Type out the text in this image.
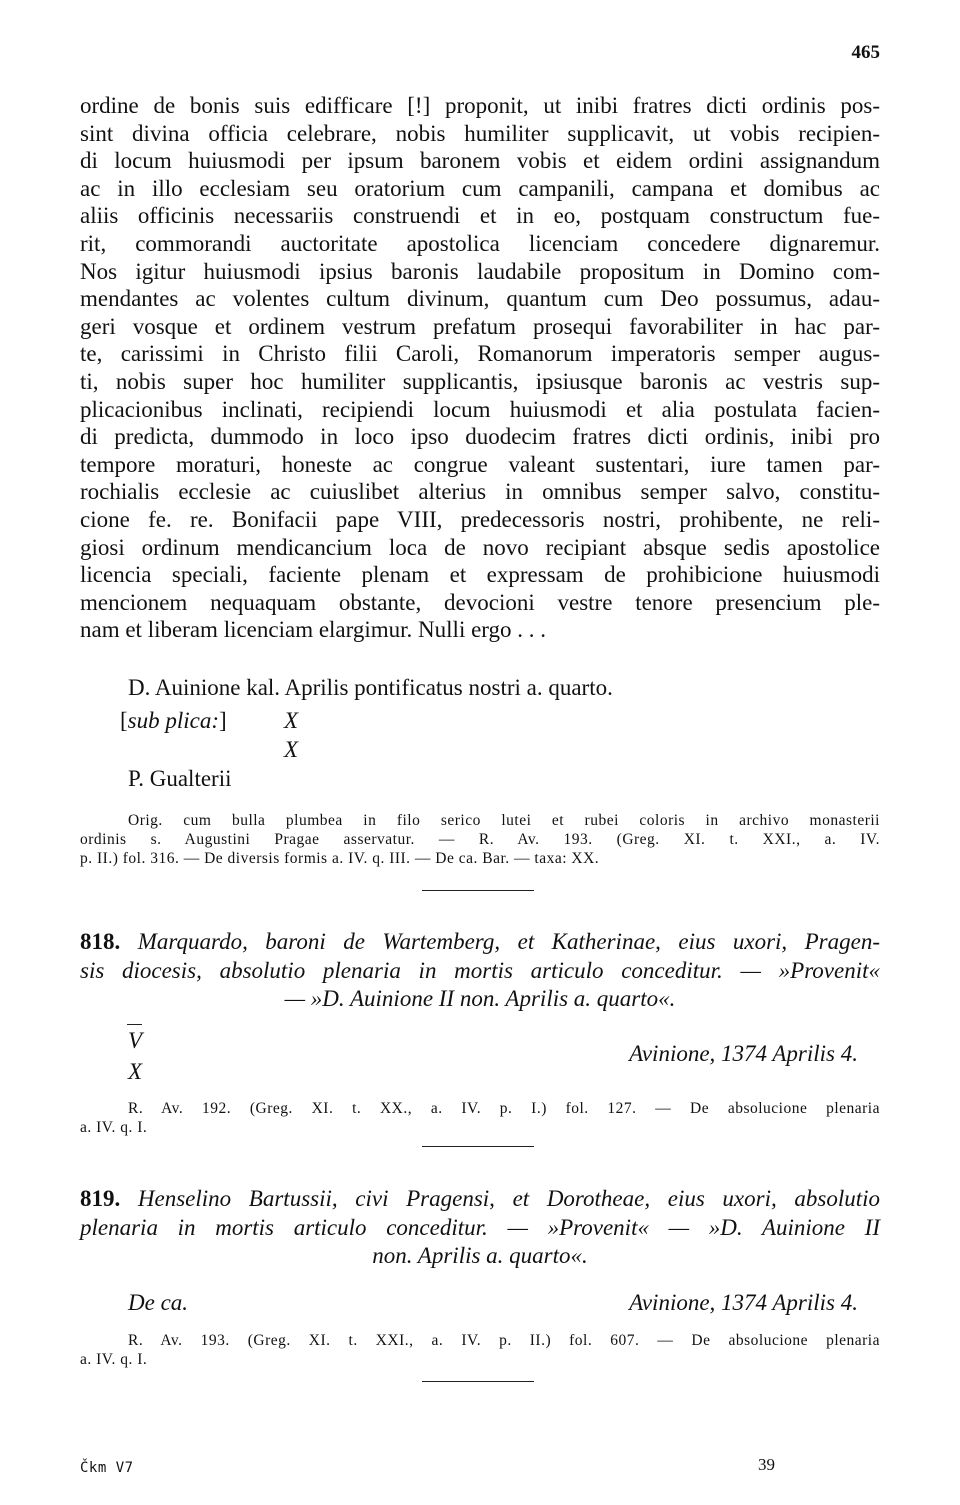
465
ordine de bonis suis edifficare [!] proponit, ut inibi fratres dicti ordinis pos-
sint divina officia celebrare, nobis humiliter supplicavit, ut vobis recipien-
di locum huiusmodi per ipsum baronem vobis et eidem ordini assignandum
ac in illo ecclesiam seu oratorium cum campanili, campana et domibus ac
aliis officinis necessariis construendi et in eo, postquam constructum fue-
rit, commorandi auctoritate apostolica licenciam concedere dignaremur.
Nos igitur huiusmodi ipsius baronis laudabile propositum in Domino com-
mendantes ac volentes cultum divinum, quantum cum Deo possumus, adau-
geri vosque et ordinem vestrum prefatum prosequi favorabiliter in hac par-
te, carissimi in Christo filii Caroli, Romanorum imperatoris semper augus-
ti, nobis super hoc humiliter supplicantis, ipsiusque baronis ac vestris sup-
plicacionibus inclinati, recipiendi locum huiusmodi et alia postulata facien-
di predicta, dummodo in loco ipso duodecim fratres dicti ordinis, inibi pro
tempore moraturi, honeste ac congrue valeant sustentari, iure tamen par-
rochialis ecclesie ac cuiuslibet alterius in omnibus semper salvo, constitu-
cione fe. re. Bonifacii pape VIII, predecessoris nostri, prohibente, ne reli-
giosi ordinum mendicancium loca de novo recipiant absque sedis apostolice
licencia speciali, faciente plenam et expressam de prohibicione huiusmodi
mencionem nequaquam obstante, devocioni vestre tenore presencium ple-
nam et liberam licenciam elargimur. Nulli ergo . . .
D. Auinione kal. Aprilis pontificatus nostri a. quarto.
[sub plica:] X
X
P. Gualterii
Orig. cum bulla plumbea in filo serico lutei et rubei coloris in archivo monasterii
ordinis s. Augustini Pragae asservatur. — R. Av. 193. (Greg. XI. t. XXI., a. IV.
p. II.) fol. 316. — De diversis formis a. IV. q. III. — De ca. Bar. — taxa: XX.
818. Marquardo, baroni de Wartemberg, et Katherinae, eius uxori, Pragen-
sis diocesis, absolutio plenaria in mortis articulo conceditur. — »Provenit«
— »D. Auinione II non. Aprilis a. quarto«.
V
X
Avinione, 1374 Aprilis 4.
R. Av. 192. (Greg. XI. t. XX., a. IV. p. I.) fol. 127. — De absolucione plenaria
a. IV. q. I.
819. Henselino Bartussii, civi Pragensi, et Dorotheae, eius uxori, absolutio
plenaria in mortis articulo conceditur. — »Provenit« — »D. Auinione II
non. Aprilis a. quarto«.
De ca.	Avinione, 1374 Aprilis 4.
R. Av. 193. (Greg. XI. t. XXI., a. IV. p. II.) fol. 607. — De absolucione plenaria
a. IV. q. I.
Čkm V7	39
